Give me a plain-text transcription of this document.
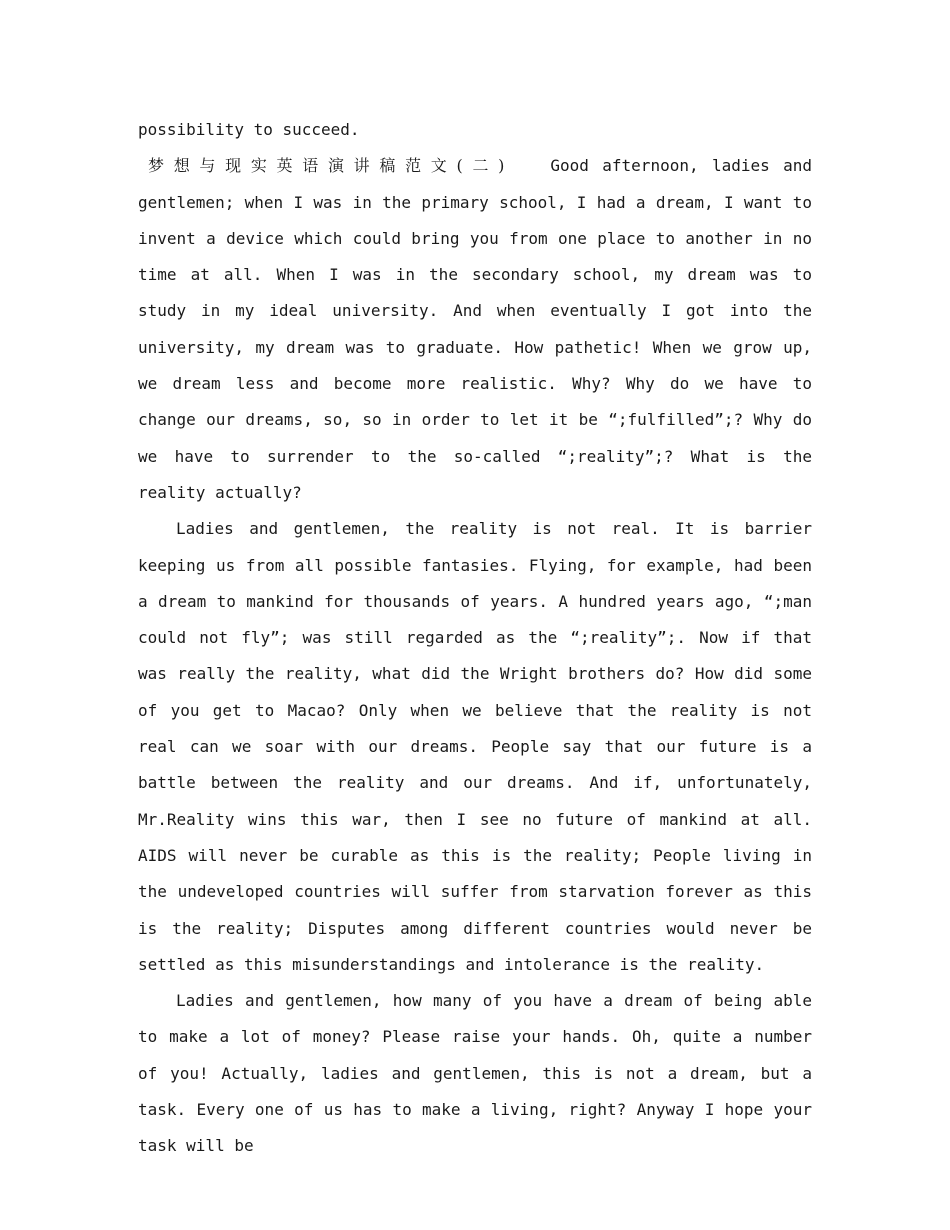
possibility to succeed.

梦想与现实英语演讲稿范文(二)	Good afternoon, ladies and gentlemen; when I was in the primary school, I had a dream, I want to invent a device which could bring you from one place to another in no time at all. When I was in the secondary school, my dream was to study in my ideal university. And when eventually I got into the university, my dream was to graduate. How pathetic! When we grow up, we dream less and become more realistic. Why? Why do we have to change our dreams, so, so in order to let it be “;fulfilled”;? Why do we have to surrender to the so-called “;reality”;? What is the reality actually?

Ladies and gentlemen, the reality is not real. It is barrier keeping us from all possible fantasies. Flying, for example, had been a dream to mankind for thousands of years. A hundred years ago, “;man could not fly”; was still regarded as the “;reality”;. Now if that was really the reality, what did the Wright brothers do? How did some of you get to Macao? Only when we believe that the reality is not real can we soar with our dreams. People say that our future is a battle between the reality and our dreams. And if, unfortunately, Mr.Reality wins this war, then I see no future of mankind at all. AIDS will never be curable as this is the reality; People living in the undeveloped countries will suffer from starvation forever as this is the reality; Disputes among different countries would never be settled as this misunderstandings and intolerance is the reality.

Ladies and gentlemen, how many of you have a dream of being able to make a lot of money? Please raise your hands. Oh, quite a number of you! Actually, ladies and gentlemen, this is not a dream, but a task. Every one of us has to make a living, right? Anyway I hope your task will be
